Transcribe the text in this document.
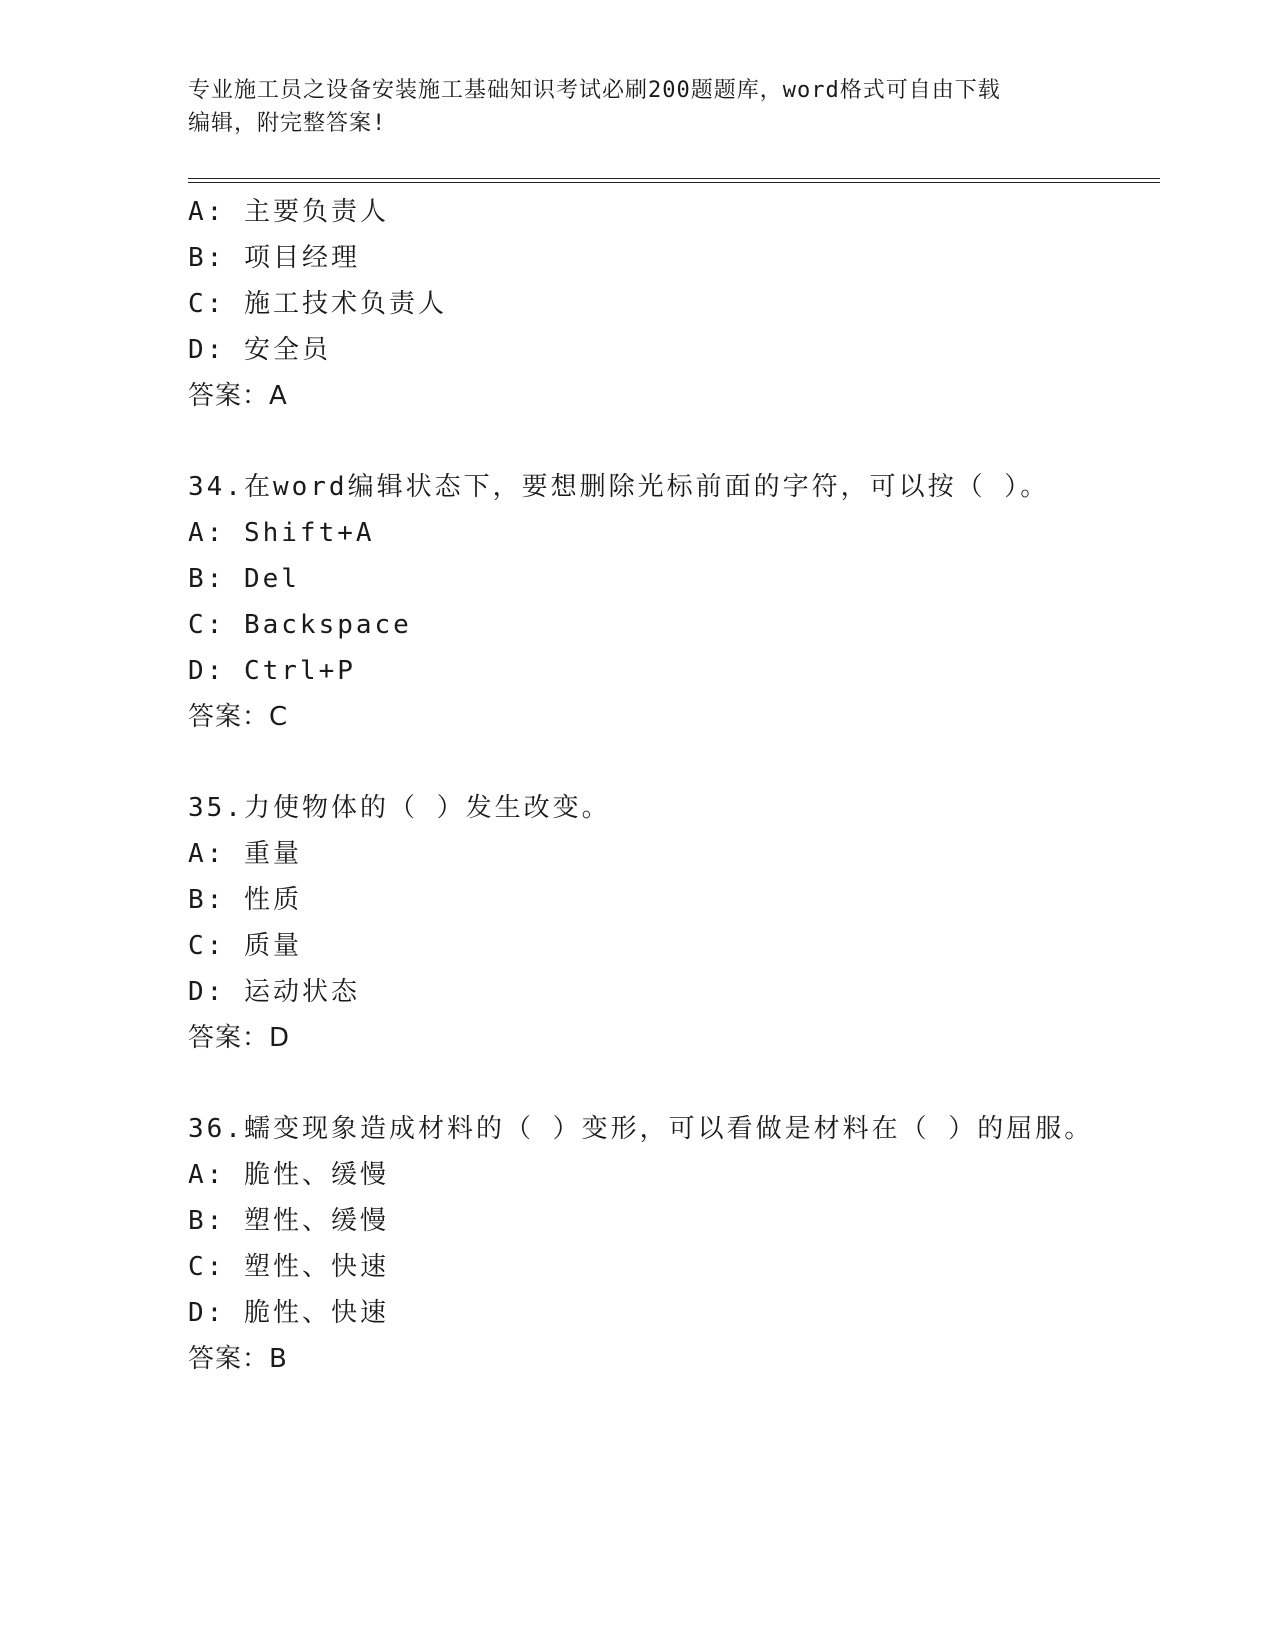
专业施工员之设备安装施工基础知识考试必刷200题题库，word格式可自由下载
编辑，附完整答案!
A: 主要负责人
B: 项目经理
C: 施工技术负责人
D: 安全员
答案：A
34.在word编辑状态下，要想删除光标前面的字符，可以按（ ）。
A: Shift+A
B: Del
C: Backspace
D: Ctrl+P
答案：C
35.力使物体的（ ）发生改变。
A: 重量
B: 性质
C: 质量
D: 运动状态
答案：D
36.蠕变现象造成材料的（ ）变形，可以看做是材料在（ ）的屈服。
A: 脆性、缓慢
B: 塑性、缓慢
C: 塑性、快速
D: 脆性、快速
答案：B
